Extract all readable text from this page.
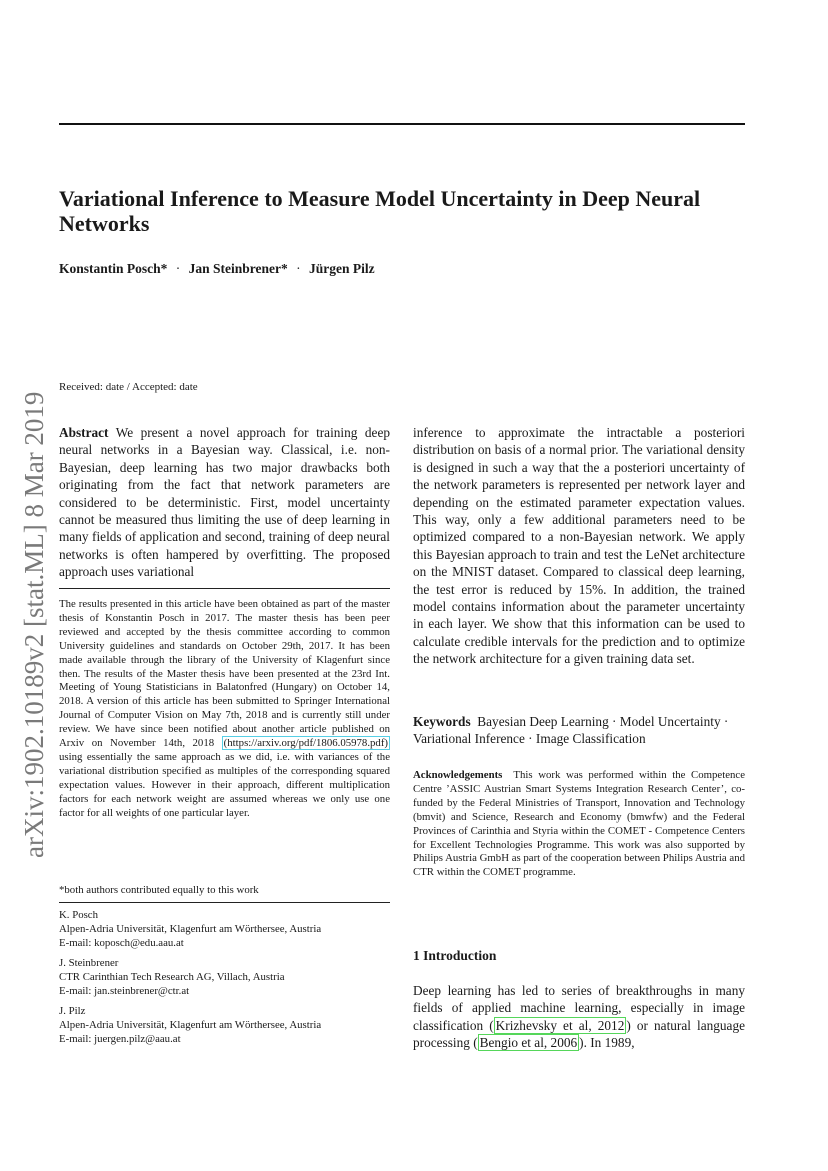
Variational Inference to Measure Model Uncertainty in Deep Neural Networks
Konstantin Posch* · Jan Steinbrener* · Jürgen Pilz
arXiv:1902.10189v2 [stat.ML] 8 Mar 2019
Received: date / Accepted: date

Abstract We present a novel approach for training deep neural networks in a Bayesian way. Classical, i.e. non-Bayesian, deep learning has two major drawbacks both originating from the fact that network parameters are considered to be deterministic. First, model uncertainty cannot be measured thus limiting the use of deep learning in many fields of application and second, training of deep neural networks is often hampered by overfitting. The proposed approach uses variational

inference to approximate the intractable a posteriori distribution on basis of a normal prior. The variational density is designed in such a way that the a posteriori uncertainty of the network parameters is represented per network layer and depending on the estimated parameter expectation values. This way, only a few additional parameters need to be optimized compared to a non-Bayesian network. We apply this Bayesian approach to train and test the LeNet architecture on the MNIST dataset. Compared to classical deep learning, the test error is reduced by 15%. In addition, the trained model contains information about the parameter uncertainty in each layer. We show that this information can be used to calculate credible intervals for the prediction and to optimize the network architecture for a given training data set.

Keywords Bayesian Deep Learning · Model Uncertainty · Variational Inference · Image Classification

Acknowledgements This work was performed within the Competence Centre ’ASSIC Austrian Smart Systems Integration Research Center’, co-funded by the Federal Ministries of Transport, Innovation and Technology (bmvit) and Science, Research and Economy (bmwfw) and the Federal Provinces of Carinthia and Styria within the COMET - Competence Centers for Excellent Technologies Programme. This work was also supported by Philips Austria GmbH as part of the cooperation between Philips Austria and CTR within the COMET programme.

The results presented in this article have been obtained as part of the master thesis of Konstantin Posch in 2017. The master thesis has been peer reviewed and accepted by the thesis committee according to common University guidelines and standards on October 29th, 2017. It has been made available through the library of the University of Klagenfurt since then. The results of the Master thesis have been presented at the 23rd Int. Meeting of Young Statisticians in Balatonfred (Hungary) on October 14, 2018. A version of this article has been submitted to Springer International Journal of Computer Vision on May 7th, 2018 and is currently still under review. We have since been notified about another article published on Arxiv on November 14th, 2018 (https://arxiv.org/pdf/1806.05978.pdf) using essentially the same approach as we did, i.e. with variances of the variational distribution specified as multiples of the corresponding squared expectation values. However in their approach, different multiplication factors for each network weight are assumed whereas we only use one factor for all weights of one particular layer.

*both authors contributed equally to this work

K. Posch

Alpen-Adria Universität, Klagenfurt am Wörthersee, Austria

E-mail: koposch@edu.aau.at

J. Steinbrener

CTR Carinthian Tech Research AG, Villach, Austria

E-mail: jan.steinbrener@ctr.at

J. Pilz

Alpen-Adria Universität, Klagenfurt am Wörthersee, Austria

E-mail: juergen.pilz@aau.at

1 Introduction

Deep learning has led to series of breakthroughs in many fields of applied machine learning, especially in image classification ( Krizhevsky et al, 2012 ) or natural language processing ( Bengio et al, 2006 ). In 1989,
